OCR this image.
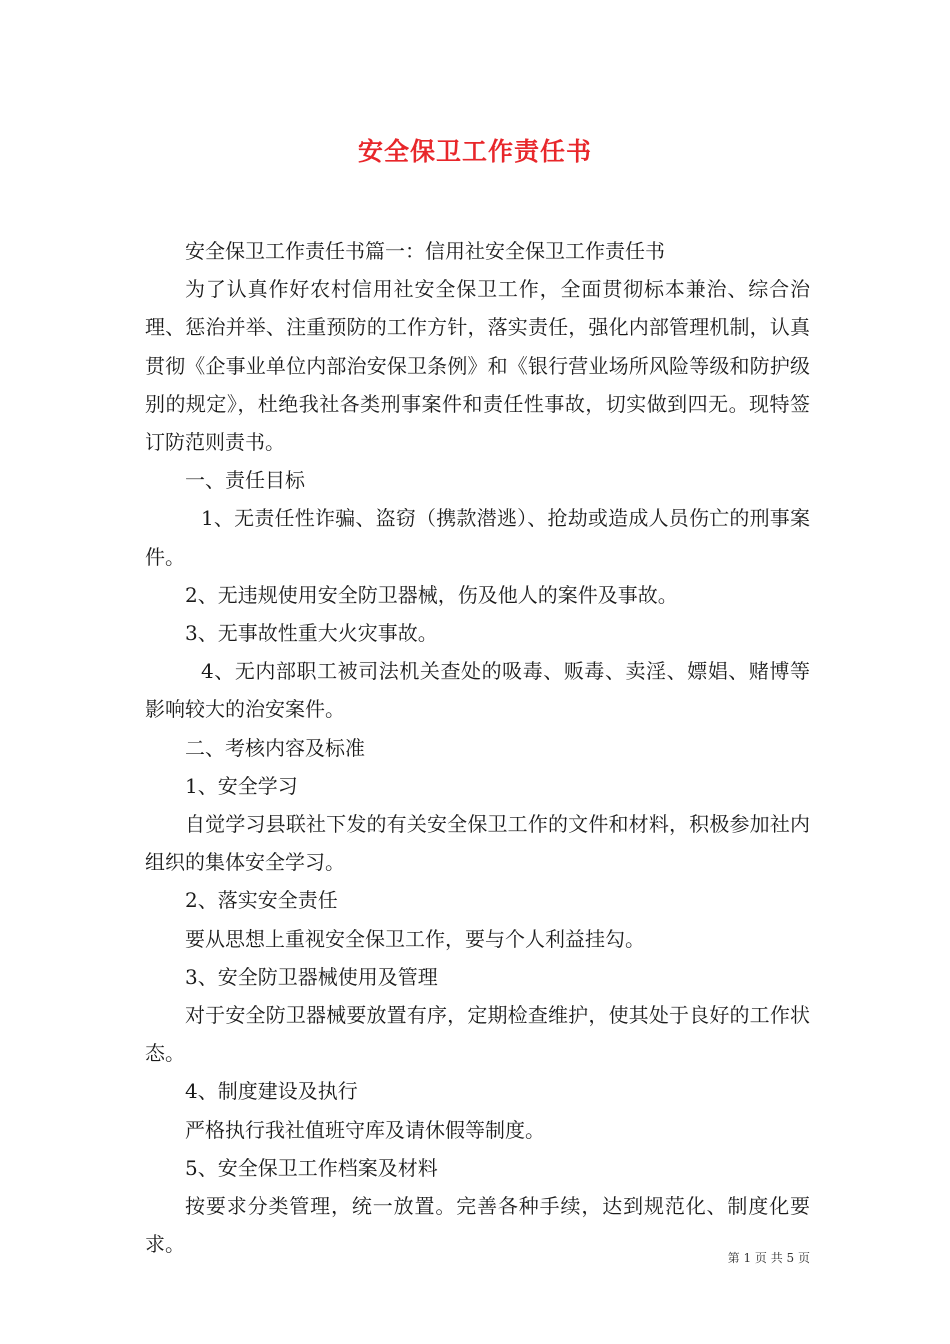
安全保卫工作责任书

安全保卫工作责任书篇一：信用社安全保卫工作责任书

为了认真作好农村信用社安全保卫工作，全面贯彻标本兼治、综合治理、惩治并举、注重预防的工作方针，落实责任，强化内部管理机制，认真贯彻《企事业单位内部治安保卫条例》和《银行营业场所风险等级和防护级别的规定》，杜绝我社各类刑事案件和责任性事故，切实做到四无。现特签订防范则责书。

一、责任目标

1、无责任性诈骗、盗窃（携款潜逃）、抢劫或造成人员伤亡的刑事案件。

2、无违规使用安全防卫器械，伤及他人的案件及事故。

3、无事故性重大火灾事故。

4、无内部职工被司法机关查处的吸毒、贩毒、卖淫、嫖娼、赌博等影响较大的治安案件。

二、考核内容及标准

1、安全学习

自觉学习县联社下发的有关安全保卫工作的文件和材料，积极参加社内组织的集体安全学习。

2、落实安全责任

要从思想上重视安全保卫工作，要与个人利益挂勾。

3、安全防卫器械使用及管理

对于安全防卫器械要放置有序，定期检查维护，使其处于良好的工作状态。

4、制度建设及执行

严格执行我社值班守库及请休假等制度。

5、安全保卫工作档案及材料

按要求分类管理，统一放置。完善各种手续，达到规范化、制度化要求。

第 1 页 共 5 页
